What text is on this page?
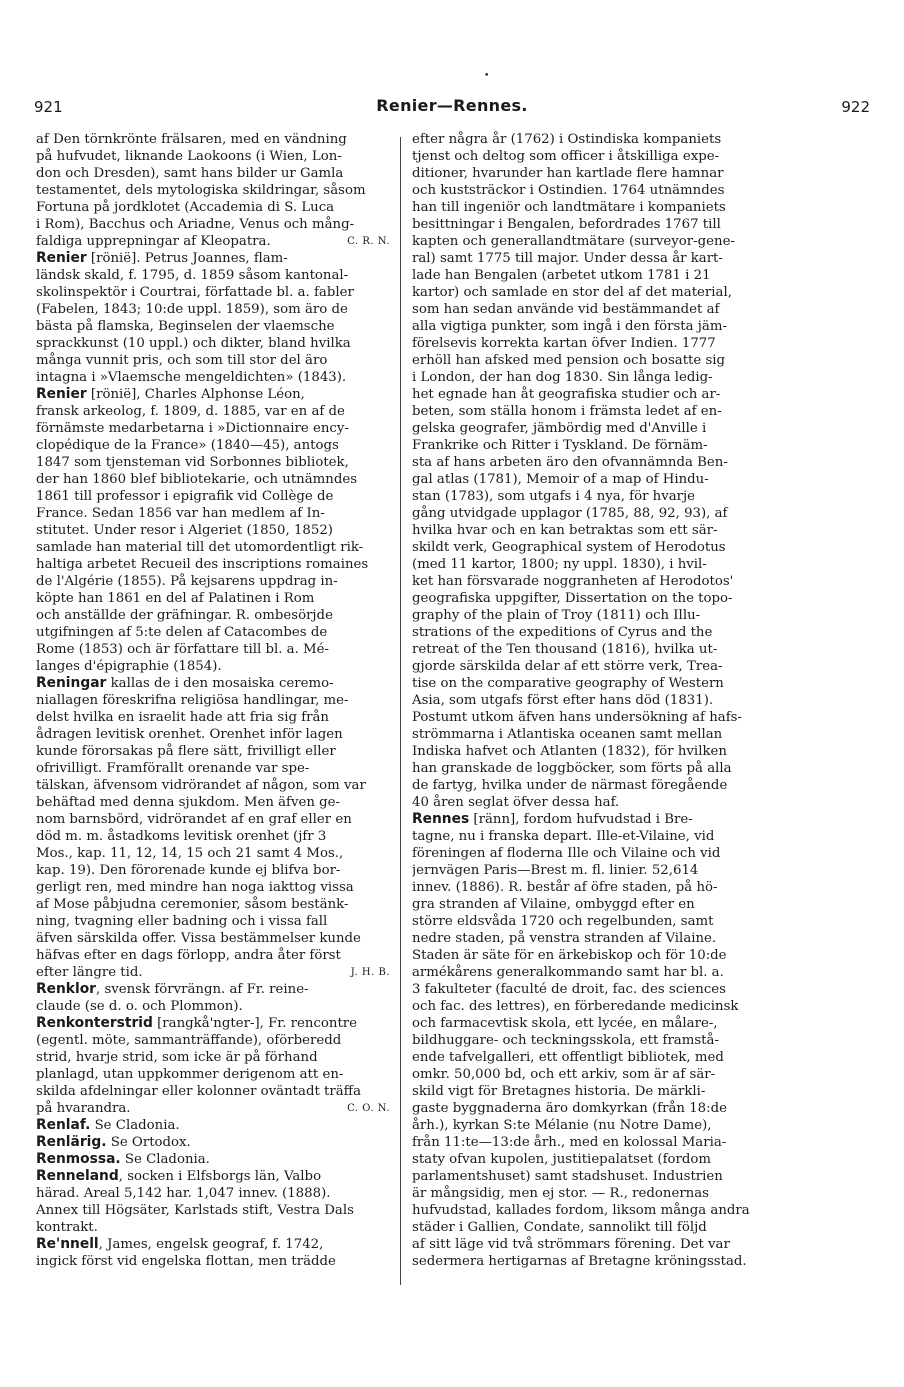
•
921	Renier—Rennes.	922
af Den törnkrönte frälsaren, med en vändning
på hufvudet, liknande Laokoons (i Wien, Lon-
don och Dresden), samt hans bilder ur Gamla
testamentet, dels mytologiska skildringar, såsom
Fortuna på jordklotet (Accademia di S. Luca
i Rom), Bacchus och Ariadne, Venus och mång-
faldiga upprepningar af Kleopatra.	C. R. N.
Renier [rönië]. Petrus Joannes, flam-
ländsk skald, f. 1795, d. 1859 såsom kantonal-
skolinspektör i Courtrai, författade bl. a. fabler
(Fabelen, 1843; 10:de uppl. 1859), som äro de
bästa på flamska, Beginselen der vlaemsche
sprackkunst (10 uppl.) och dikter, bland hvilka
många vunnit pris, och som till stor del äro
intagna i »Vlaemsche mengeldichten» (1843).
Renier [rönië], Charles Alphonse Léon,
fransk arkeolog, f. 1809, d. 1885, var en af de
förnämste medarbetarna i »Dictionnaire ency-
clopédique de la France» (1840—45), antogs
1847 som tjensteman vid Sorbonnes bibliotek,
der han 1860 blef bibliotekarie, och utnämndes
1861 till professor i epigrafik vid Collège de
France. Sedan 1856 var han medlem af In-
stitutet. Under resor i Algeriet (1850, 1852)
samlade han material till det utomordentligt rik-
haltiga arbetet Recueil des inscriptions romaines
de l'Algérie (1855). På kejsarens uppdrag in-
köpte han 1861 en del af Palatinen i Rom
och anställde der gräfningar. R. ombesörjde
utgifningen af 5:te delen af Catacombes de
Rome (1853) och är författare till bl. a. Mé-
langes d'épigraphie (1854).
Reningar kallas de i den mosaiska ceremo-
niallagen föreskrifna religiösa handlingar, me-
delst hvilka en israelit hade att fria sig från
ådragen levitisk orenhet. Orenhet inför lagen
kunde förorsakas på flere sätt, frivilligt eller
ofrivilligt. Framförallt orenande var spe-
tälskan, äfvensom vidrörandet af någon, som var
behäftad med denna sjukdom. Men äfven ge-
nom barnsbörd, vidrörandet af en graf eller en
död m. m. åstadkoms levitisk orenhet (jfr 3
Mos., kap. 11, 12, 14, 15 och 21 samt 4 Mos.,
kap. 19). Den förorenade kunde ej blifva bor-
gerligt ren, med mindre han noga iakttog vissa
af Mose påbjudna ceremonier, såsom bestänk-
ning, tvagning eller badning och i vissa fall
äfven särskilda offer. Vissa bestämmelser kunde
häfvas efter en dags förlopp, andra åter först
efter längre tid.	J. H. B.
Renklor, svensk förvrängn. af Fr. reine-
claude (se d. o. och Plommon).
Renkonterstrid [rangkå'ngter-], Fr. rencontre
(egentl. möte, sammanträffande), oförberedd
strid, hvarje strid, som icke är på förhand
planlagd, utan uppkommer derigenom att en-
skilda afdelningar eller kolonner oväntadt träffa
på hvarandra.	C. O. N.
Renlaf. Se Cladonia.
Renlärig. Se Ortodox.
Renmossa. Se Cladonia.
Renneland, socken i Elfsborgs län, Valbo
härad. Areal 5,142 har. 1,047 innev. (1888).
Annex till Högsäter, Karlstads stift, Vestra Dals
kontrakt.
Re'nnell, James, engelsk geograf, f. 1742,
ingick först vid engelska flottan, men trädde
efter några år (1762) i Ostindiska kompaniets
tjenst och deltog som officer i åtskilliga expe-
ditioner, hvarunder han kartlade flere hamnar
och kuststräckor i Ostindien. 1764 utnämndes
han till ingeniör och landtmätare i kompaniets
besittningar i Bengalen, befordrades 1767 till
kapten och generallandtmätare (surveyor-gene-
ral) samt 1775 till major. Under dessa år kart-
lade han Bengalen (arbetet utkom 1781 i 21
kartor) och samlade en stor del af det material,
som han sedan använde vid bestämmandet af
alla vigtiga punkter, som ingå i den första jäm-
förelsevis korrekta kartan öfver Indien. 1777
erhöll han afsked med pension och bosatte sig
i London, der han dog 1830. Sin långa ledig-
het egnade han åt geografiska studier och ar-
beten, som ställa honom i främsta ledet af en-
gelska geografer, jämbördig med d'Anville i
Frankrike och Ritter i Tyskland. De förnäm-
sta af hans arbeten äro den ofvannämnda Ben-
gal atlas (1781), Memoir of a map of Hindu-
stan (1783), som utgafs i 4 nya, för hvarje
gång utvidgade upplagor (1785, 88, 92, 93), af
hvilka hvar och en kan betraktas som ett sär-
skildt verk, Geographical system of Herodotus
(med 11 kartor, 1800; ny uppl. 1830), i hvil-
ket han försvarade noggranheten af Herodotos'
geografiska uppgifter, Dissertation on the topo-
graphy of the plain of Troy (1811) och Illu-
strations of the expeditions of Cyrus and the
retreat of the Ten thousand (1816), hvilka ut-
gjorde särskilda delar af ett större verk, Trea-
tise on the comparative geography of Western
Asia, som utgafs först efter hans död (1831).
Postumt utkom äfven hans undersökning af hafs-
strömmarna i Atlantiska oceanen samt mellan
Indiska hafvet och Atlanten (1832), för hvilken
han granskade de loggböcker, som förts på alla
de fartyg, hvilka under de närmast föregående
40 åren seglat öfver dessa haf.
Rennes [ränn], fordom hufvudstad i Bre-
tagne, nu i franska depart. Ille-et-Vilaine, vid
föreningen af floderna Ille och Vilaine och vid
jernvägen Paris—Brest m. fl. linier. 52,614
innev. (1886). R. består af öfre staden, på hö-
gra stranden af Vilaine, ombyggd efter en
större eldsvåda 1720 och regelbunden, samt
nedre staden, på venstra stranden af Vilaine.
Staden är säte för en ärkebiskop och för 10:de
armékårens generalkommando samt har bl. a.
3 fakulteter (faculté de droit, fac. des sciences
och fac. des lettres), en förberedande medicinsk
och farmacevtisk skola, ett lycée, en målare-,
bildhuggare- och teckningsskola, ett framstå-
ende tafvelgalleri, ett offentligt bibliotek, med
omkr. 50,000 bd, och ett arkiv, som är af sär-
skild vigt för Bretagnes historia. De märkli-
gaste byggnaderna äro domkyrkan (från 18:de
årh.), kyrkan S:te Mélanie (nu Notre Dame),
från 11:te—13:de årh., med en kolossal Maria-
staty ofvan kupolen, justitiepalatset (fordom
parlamentshuset) samt stadshuset. Industrien
är mångsidig, men ej stor. — R., redonernas
hufvudstad, kallades fordom, liksom många andra
städer i Gallien, Condate, sannolikt till följd
af sitt läge vid två strömmars förening. Det var
sedermera hertigarnas af Bretagne kröningsstad.
